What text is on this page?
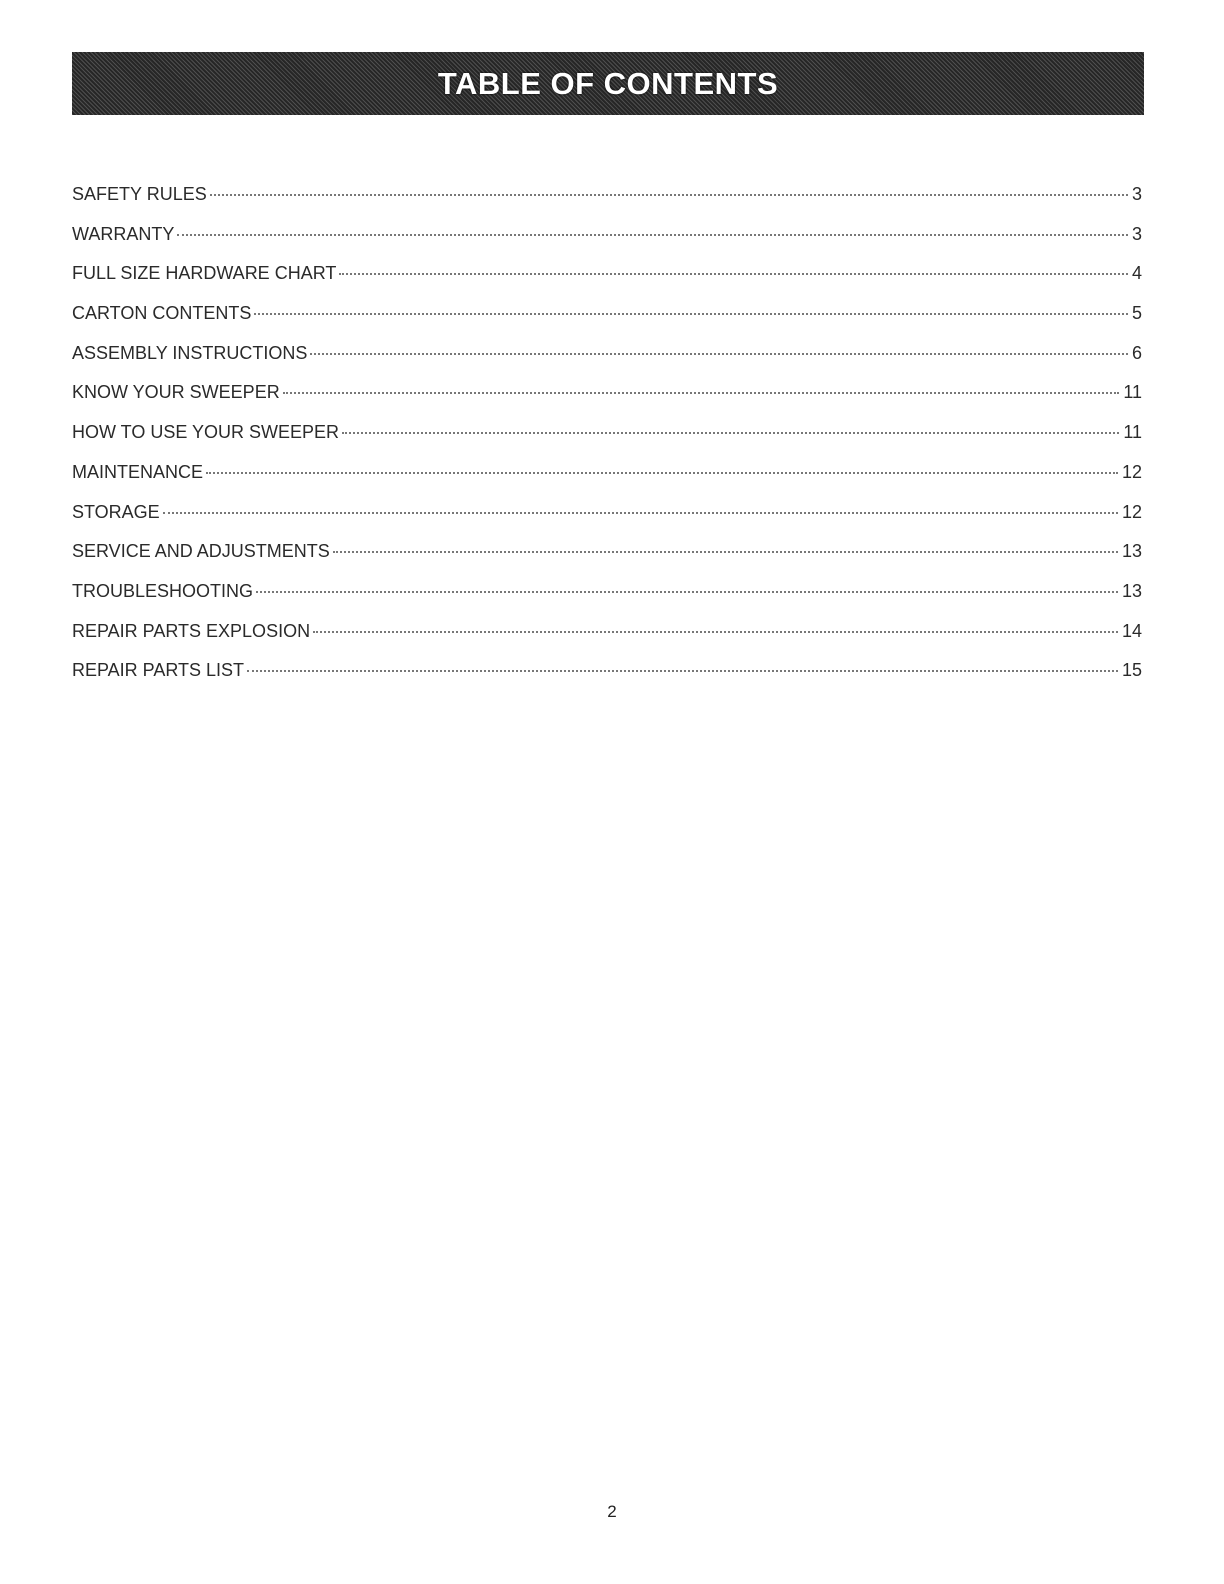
TABLE OF CONTENTS
SAFETY RULES	3
WARRANTY	3
FULL SIZE HARDWARE CHART	4
CARTON CONTENTS	5
ASSEMBLY INSTRUCTIONS	6
KNOW YOUR SWEEPER	11
HOW TO USE YOUR SWEEPER	11
MAINTENANCE	12
STORAGE	12
SERVICE AND ADJUSTMENTS	13
TROUBLESHOOTING	13
REPAIR PARTS EXPLOSION	14
REPAIR PARTS LIST	15
2
